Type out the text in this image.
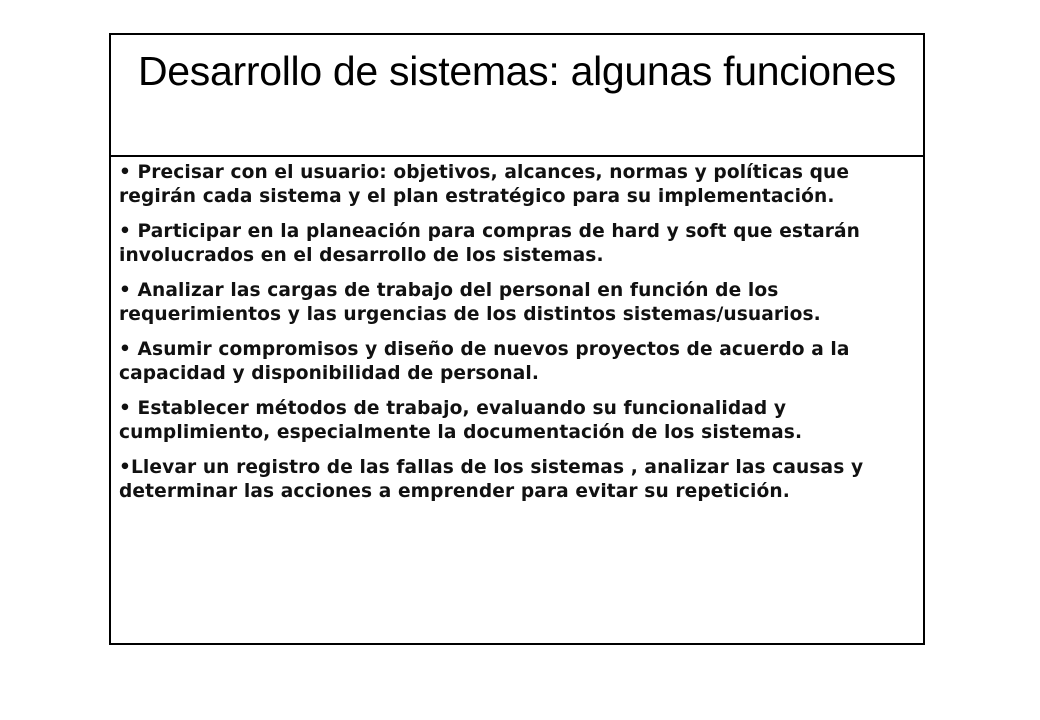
Desarrollo de sistemas: algunas funciones
• Precisar con el usuario: objetivos, alcances, normas y políticas que regirán cada sistema y el plan estratégico para su implementación.
• Participar en la planeación para compras de hard y soft que estarán involucrados en el desarrollo de los sistemas.
• Analizar las cargas de trabajo del personal en función de los requerimientos y las urgencias de los distintos sistemas/usuarios.
• Asumir compromisos y diseño de nuevos proyectos de acuerdo a la capacidad y disponibilidad de personal.
• Establecer métodos de trabajo, evaluando su funcionalidad y cumplimiento, especialmente la documentación de los sistemas.
•Llevar un registro de las fallas de los sistemas , analizar las causas y determinar las acciones a emprender para evitar su repetición.
